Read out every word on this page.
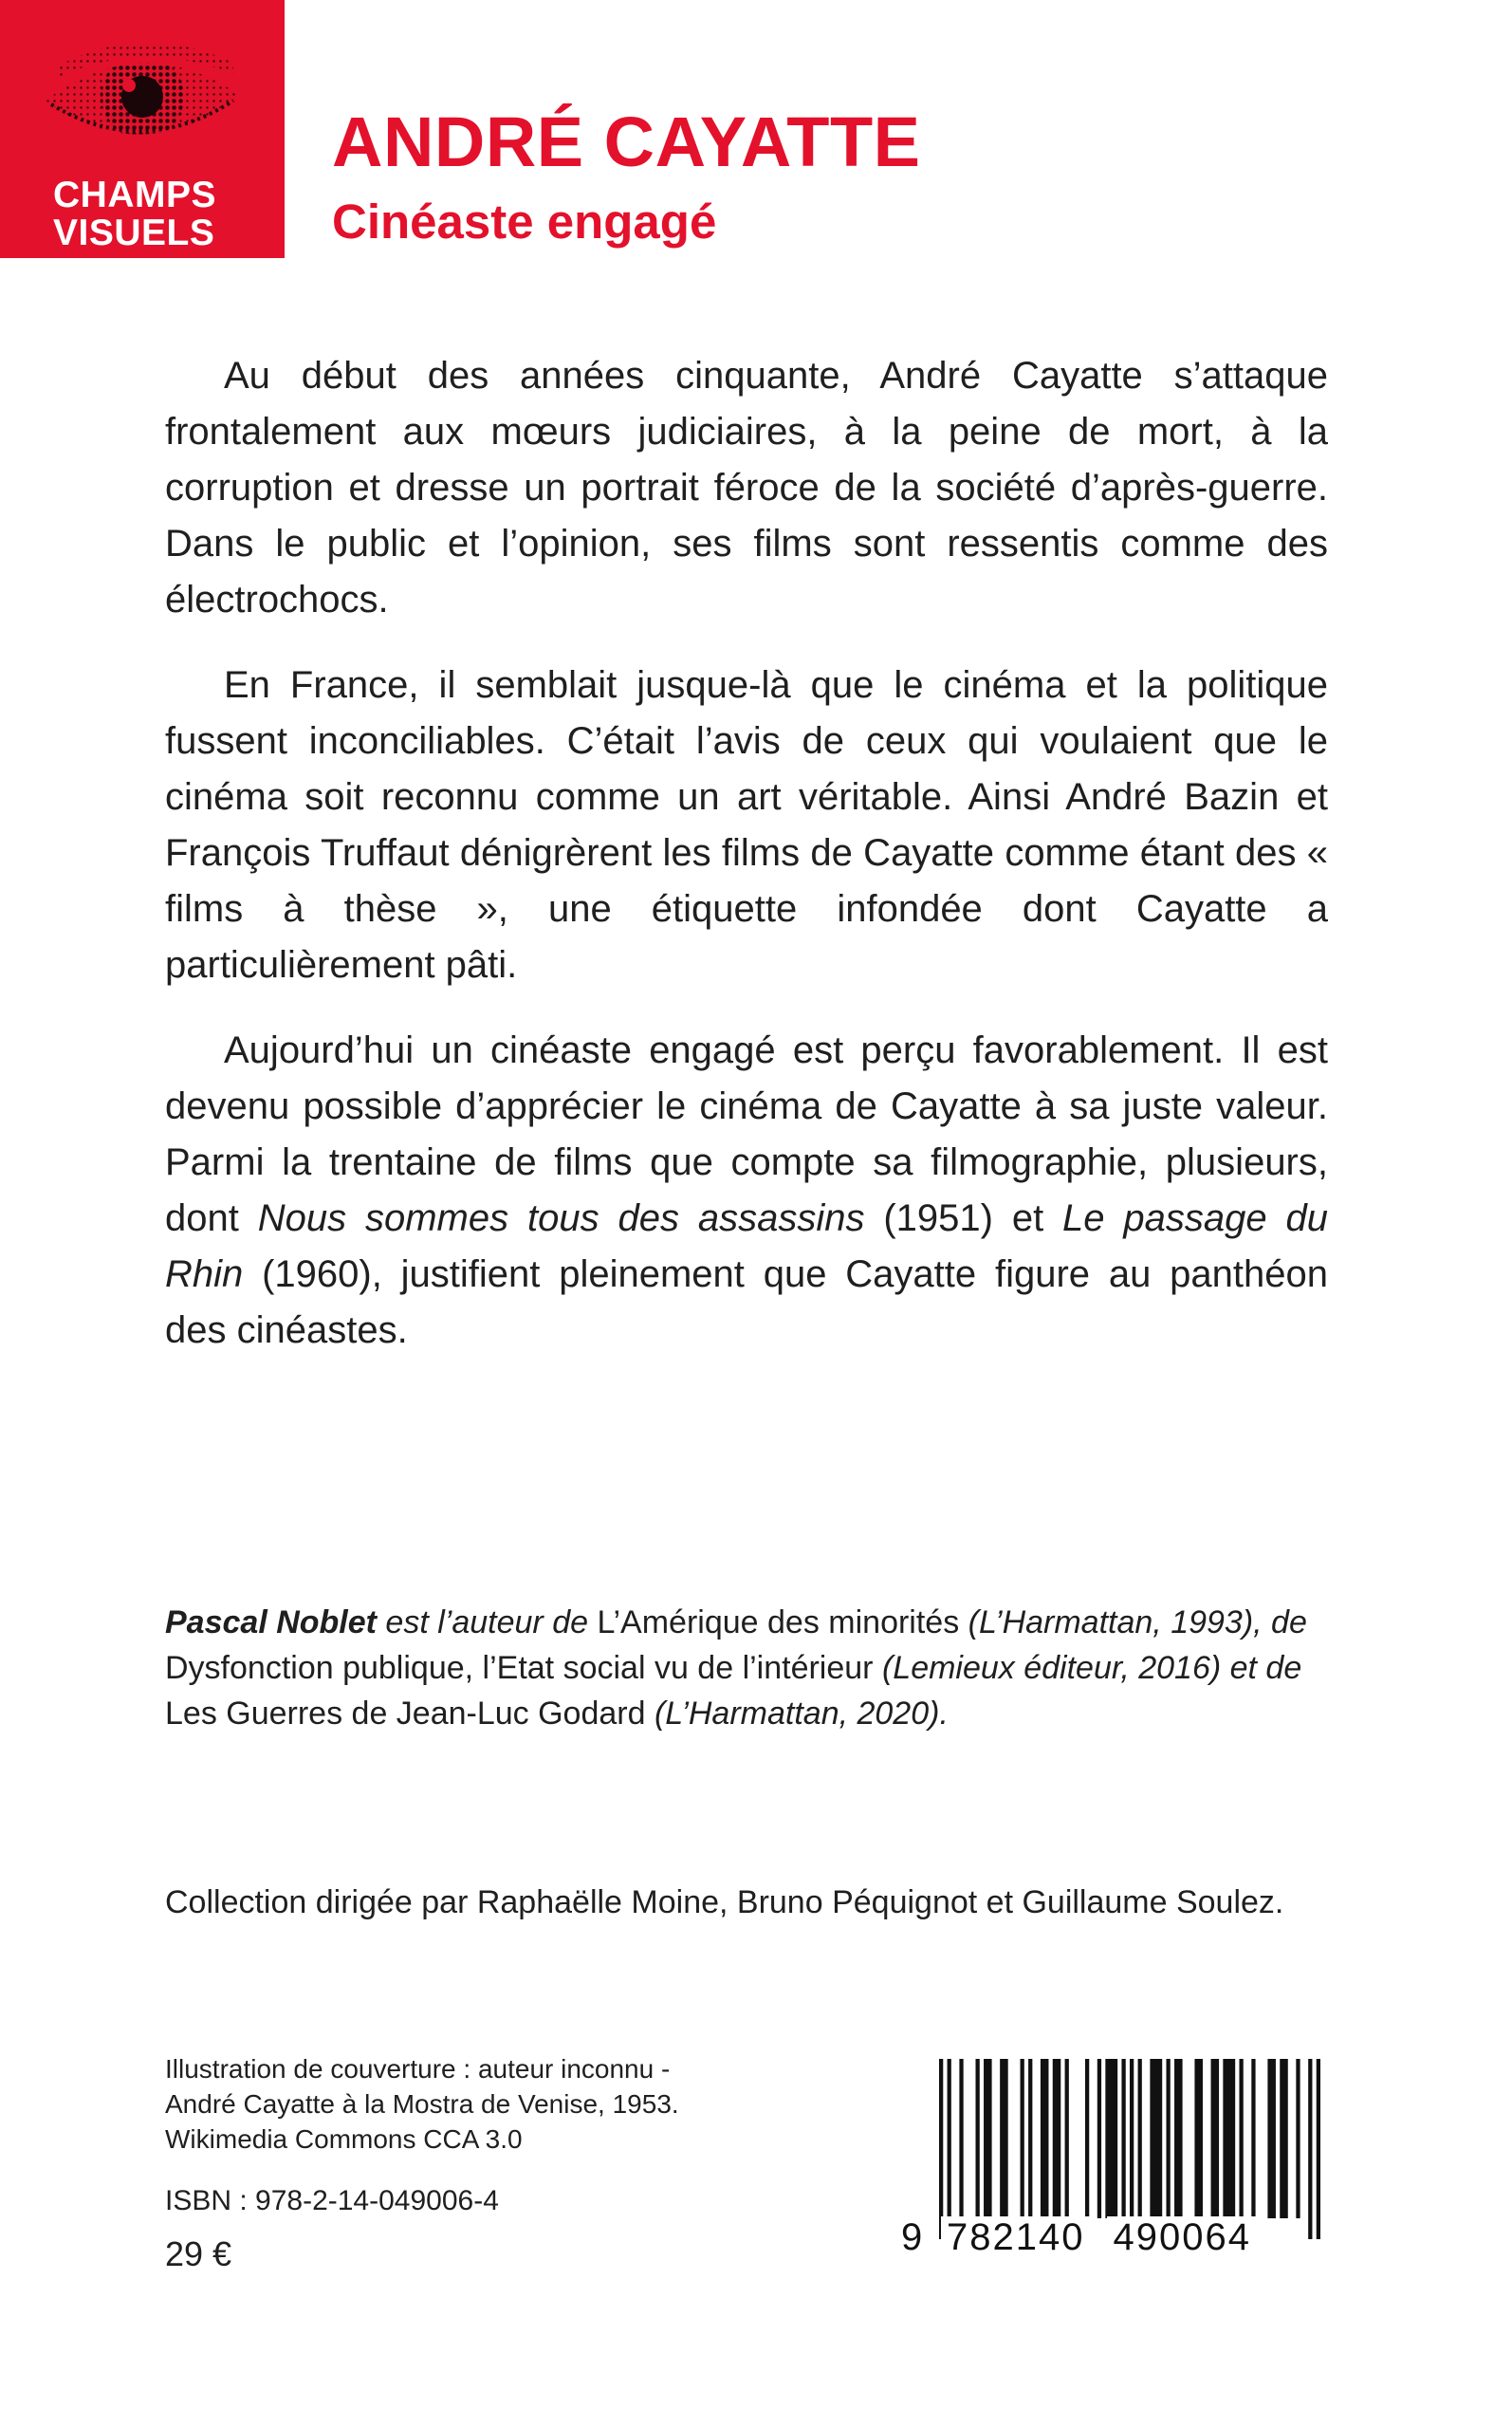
CHAMPS
VISUELS
ANDRÉ CAYATTE
Cinéaste engagé

Au début des années cinquante, André Cayatte s’attaque frontalement aux mœurs judiciaires, à la peine de mort, à la corruption et dresse un portrait féroce de la société d’après-guerre. Dans le public et l’opinion, ses films sont ressentis comme des électrochocs.

En France, il semblait jusque-là que le cinéma et la politique fussent inconciliables. C’était l’avis de ceux qui voulaient que le cinéma soit reconnu comme un art véritable. Ainsi André Bazin et François Truffaut dénigrèrent les films de Cayatte comme étant des « films à thèse », une étiquette infondée dont Cayatte a particulièrement pâti.

Aujourd’hui un cinéaste engagé est perçu favorablement. Il est devenu possible d’apprécier le cinéma de Cayatte à sa juste valeur. Parmi la trentaine de films que compte sa filmographie, plusieurs, dont Nous sommes tous des assassins (1951) et Le passage du Rhin (1960), justifient pleinement que Cayatte figure au panthéon des cinéastes.

Pascal Noblet est l’auteur de L’Amérique des minorités (L’Harmattan, 1993), de Dysfonction publique, l’Etat social vu de l’intérieur (Lemieux éditeur, 2016) et de Les Guerres de Jean-Luc Godard (L’Harmattan, 2020).
Collection dirigée par Raphaëlle Moine, Bruno Péquignot et Guillaume Soulez.
Illustration de couverture : auteur inconnu -
André Cayatte à la Mostra de Venise, 1953.
Wikimedia Commons CCA 3.0
ISBN : 978-2-14-049006-4
29 €	9 782140 490064
